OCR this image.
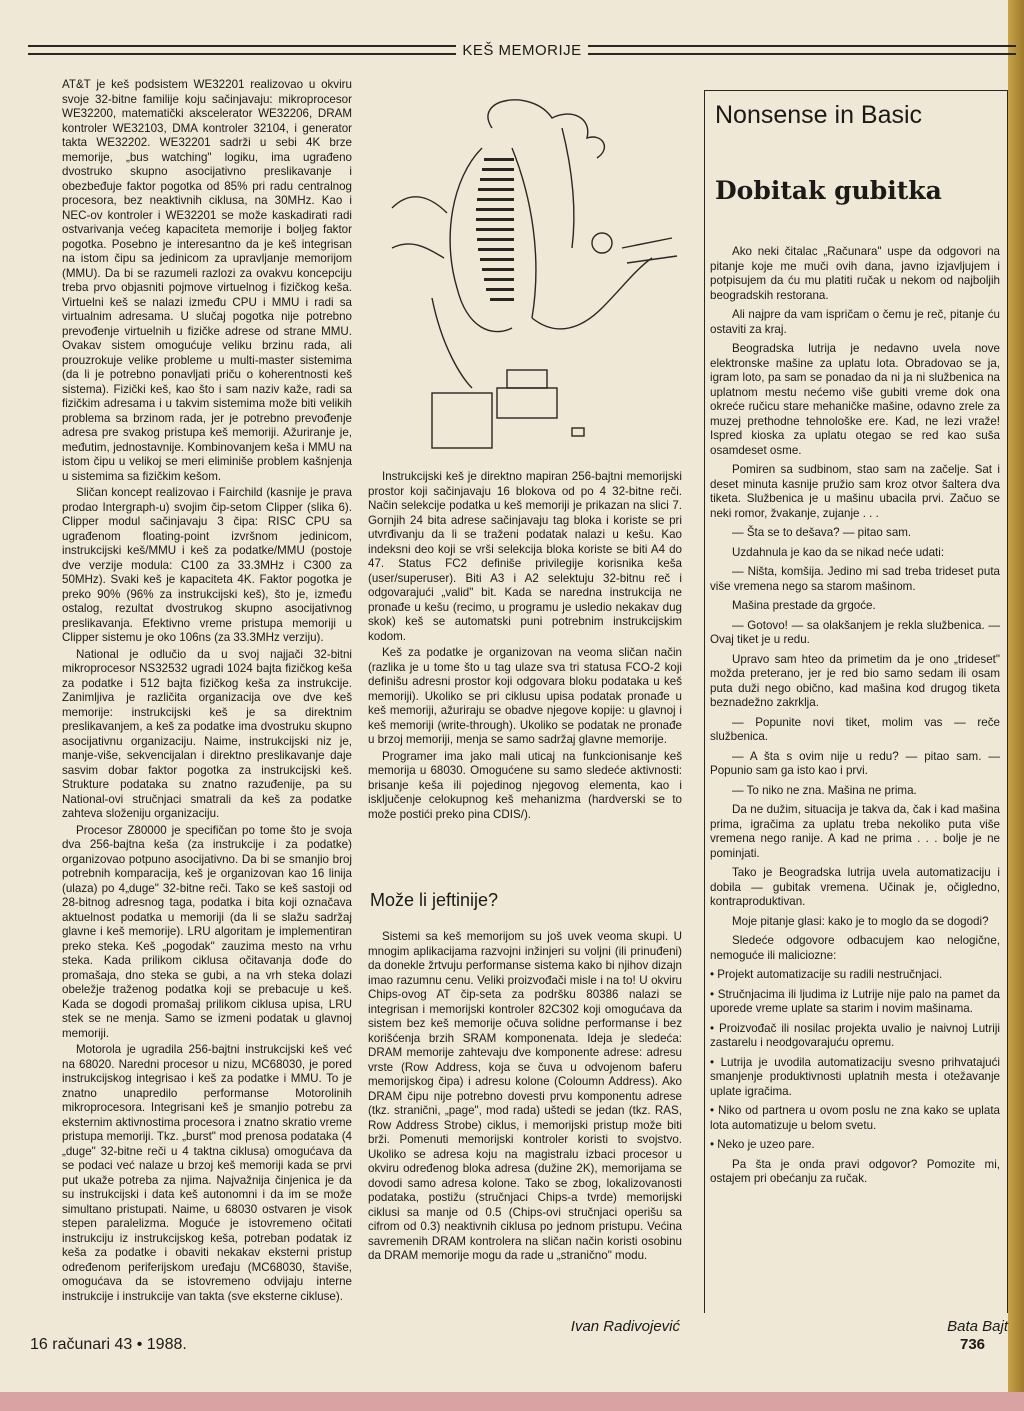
KEŠ MEMORIJE

AT&T je keš podsistem WE32201 realizovao u okviru svoje 32-bitne familije koju sačinjavaju: mikroprocesor WE32200, matematički akscelerator WE32206, DRAM kontroler WE32103, DMA kontroler 32104, i generator takta WE32202. WE32201 sadrži u sebi 4K brze memorije, „bus watching" logiku, ima ugrađeno dvostruko skupno asocijativno preslikavanje i obezbeđuje faktor pogotka od 85% pri radu centralnog procesora, bez neaktivnih ciklusa, na 30MHz. Kao i NEC-ov kontroler i WE32201 se može kaskadirati radi ostvarivanja većeg kapaciteta memorije i boljeg faktor pogotka. Posebno je interesantno da je keš integrisan na istom čipu sa jedinicom za upravljanje memorijom (MMU). Da bi se razumeli razlozi za ovakvu koncepciju treba prvo objasniti pojmove virtuelnog i fizičkog keša. Virtuelni keš se nalazi između CPU i MMU i radi sa virtualnim adresama. U slučaj pogotka nije potrebno prevođenje virtuelnih u fizičke adrese od strane MMU. Ovakav sistem omogućuje veliku brzinu rada, ali prouzrokuje velike probleme u multi-master sistemima (da li je potrebno ponavljati priču o koherentnosti keš sistema). Fizički keš, kao što i sam naziv kaže, radi sa fizičkim adresama i u takvim sistemima može biti velikih problema sa brzinom rada, jer je potrebno prevođenje adresa pre svakog pristupa keš memoriji. Ažuriranje je, međutim, jednostavnije. Kombinovanjem keša i MMU na istom čipu u velikoj se meri eliminiše problem kašnjenja u sistemima sa fizičkim kešom.

Sličan koncept realizovao i Fairchild (kasnije je prava prodao Intergraph-u) svojim čip-setom Clipper (slika 6). Clipper modul sačinjavaju 3 čipa: RISC CPU sa ugrađenom floating-point izvršnom jedinicom, instrukcijski keš/MMU i keš za podatke/MMU (postoje dve verzije modula: C100 za 33.3MHz i C300 za 50MHz). Svaki keš je kapaciteta 4K. Faktor pogotka je preko 90% (96% za instrukcijski keš), što je, između ostalog, rezultat dvostrukog skupno asocijativnog preslikavanja. Efektivno vreme pristupa memoriji u Clipper sistemu je oko 106ns (za 33.3MHz verziju).

National je odlučio da u svoj najjači 32-bitni mikroprocesor NS32532 ugradi 1024 bajta fizičkog keša za podatke i 512 bajta fizičkog keša za instrukcije. Zanimljiva je različita organizacija ove dve keš memorije: instrukcijski keš je sa direktnim preslikavanjem, a keš za podatke ima dvostruku skupno asocijativnu organizaciju. Naime, instrukcijski niz je, manje-više, sekvencijalan i direktno preslikavanje daje sasvim dobar faktor pogotka za instrukcijski keš. Strukture podataka su znatno razuđenije, pa su National-ovi stručnjaci smatrali da keš za podatke zahteva složeniju organizaciju.

Procesor Z80000 je specifičan po tome što je svoja dva 256-bajtna keša (za instrukcije i za podatke) organizovao potpuno asocijativno. Da bi se smanjio broj potrebnih komparacija, keš je organizovan kao 16 linija (ulaza) po 4„duge" 32-bitne reči. Tako se keš sastoji od 28-bitnog adresnog taga, podatka i bita koji označava aktuelnost podatka u memoriji (da li se slažu sadržaj glavne i keš memorije). LRU algoritam je implementiran preko steka. Keš „pogodak" zauzima mesto na vrhu steka. Kada prilikom ciklusa očitavanja dođe do promašaja, dno steka se gubi, a na vrh steka dolazi obeležje traženog podatka koji se prebacuje u keš. Kada se dogodi promašaj prilikom ciklusa upisa, LRU stek se ne menja. Samo se izmeni podatak u glavnoj memoriji.

Motorola je ugradila 256-bajtni instrukcijski keš već na 68020. Naredni procesor u nizu, MC68030, je pored instrukcijskog integrisao i keš za podatke i MMU. To je znatno unapredilo performanse Motorolinih mikroprocesora. Integrisani keš je smanjio potrebu za eksternim aktivnostima procesora i znatno skratio vreme pristupa memoriji. Tkz. „burst" mod prenosa podataka (4 „duge" 32-bitne reči u 4 taktna ciklusa) omogućava da se podaci već nalaze u brzoj keš memoriji kada se prvi put ukaže potreba za njima. Najvažnija činjenica je da su instrukcijski i data keš autonomni i da im se može simultano pristupati. Naime, u 68030 ostvaren je visok stepen paralelizma. Moguće je istovremeno očitati instrukciju iz instrukcijskog keša, potreban podatak iz keša za podatke i obaviti nekakav eksterni pristup određenom periferijskom uređaju (MC68030, štaviše, omogućava da se istovremeno odvijaju interne instrukcije i instrukcije van takta (sve eksterne cikluse).

Instrukcijski keš je direktno mapiran 256-bajtni memorijski prostor koji sačinjavaju 16 blokova od po 4 32-bitne reči. Način selekcije podatka u keš memoriji je prikazan na slici 7. Gornjih 24 bita adrese sačinjavaju tag bloka i koriste se pri utvrđivanju da li se traženi podatak nalazi u kešu. Kao indeksni deo koji se vrši selekcija bloka koriste se biti A4 do 47. Status FC2 definiše privilegije korisnika keša (user/superuser). Biti A3 i A2 selektuju 32-bitnu reč i odgovarajući „valid" bit. Kada se naredna instrukcija ne pronađe u kešu (recimo, u programu je usledio nekakav dug skok) keš se automatski puni potrebnim instrukcijskim kodom.

Keš za podatke je organizovan na veoma sličan način (razlika je u tome što u tag ulaze sva tri statusa FCO-2 koji definišu adresni prostor koji odgovara bloku podataka u keš memoriji). Ukoliko se pri ciklusu upisa podatak pronađe u keš memoriji, ažuriraju se obadve njegove kopije: u glavnoj i keš memoriji (write-through). Ukoliko se podatak ne pronađe u brzoj memoriji, menja se samo sadržaj glavne memorije.

Programer ima jako mali uticaj na funkcionisanje keš memorija u 68030. Omogućene su samo sledeće aktivnosti: brisanje keša ili pojedinog njegovog elementa, kao i isključenje celokupnog keš mehanizma (hardverski se to može postići preko pina CDIS/).

Može li jeftinije?

Sistemi sa keš memorijom su još uvek veoma skupi. U mnogim aplikacijama razvojni inžinjeri su voljni (ili prinuđeni) da donekle žrtvuju performanse sistema kako bi njihov dizajn imao razumnu cenu. Veliki proizvođači misle i na to! U okviru Chips-ovog AT čip-seta za podršku 80386 nalazi se integrisan i memorijski kontroler 82C302 koji omogućava da sistem bez keš memorije očuva solidne performanse i bez korišćenja brzih SRAM komponenata. Ideja je sledeća: DRAM memorije zahtevaju dve komponente adrese: adresu vrste (Row Address, koja se čuva u odvojenom baferu memorijskog čipa) i adresu kolone (Coloumn Address). Ako DRAM čipu nije potrebno dovesti prvu komponentu adrese (tkz. stranični, „page", mod rada) uštedi se jedan (tkz. RAS, Row Address Strobe) ciklus, i memorijski pristup može biti brži. Pomenuti memorijski kontroler koristi to svojstvo. Ukoliko se adresa koju na magistralu izbaci procesor u okviru određenog bloka adresa (dužine 2K), memorijama se dovodi samo adresa kolone. Tako se zbog, lokalizovanosti podataka, postižu (stručnjaci Chips-a tvrde) memorijski ciklusi sa manje od 0.5 (Chips-ovi stručnjaci operišu sa cifrom od 0.3) neaktivnih ciklusa po jednom pristupu. Većina savremenih DRAM kontrolera na sličan način koristi osobinu da DRAM memorije mogu da rade u „stranično" modu.

Ivan Radivojević
Nonsense in Basic
Dobitak gubitka

Ako neki čitalac „Računara" uspe da odgovori na pitanje koje me muči ovih dana, javno izjavljujem i potpisujem da ću mu platiti ručak u nekom od najboljih beogradskih restorana.

Ali najpre da vam ispričam o čemu je reč, pitanje ću ostaviti za kraj.

Beogradska lutrija je nedavno uvela nove elektronske mašine za uplatu lota. Obradovao se ja, igram loto, pa sam se ponadao da ni ja ni službenica na uplatnom mestu nećemo više gubiti vreme dok ona okreće ručicu stare mehaničke mašine, odavno zrele za muzej prethodne tehnološke ere. Kad, ne lezi vraže! Ispred kioska za uplatu otegao se red kao suša osamdeset osme.

Pomiren sa sudbinom, stao sam na začelje. Sat i deset minuta kasnije pružio sam kroz otvor šaltera dva tiketa. Službenica je u mašinu ubacila prvi. Začuo se neki romor, žvakanje, zujanje . . .

— Šta se to dešava? — pitao sam.

Uzdahnula je kao da se nikad neće udati:

— Ništa, komšija. Jedino mi sad treba trideset puta više vremena nego sa starom mašinom.

Mašina prestade da grgoće.

— Gotovo! — sa olakšanjem je rekla službenica. — Ovaj tiket je u redu.

Upravo sam hteo da primetim da je ono „trideset" možda preterano, jer je red bio samo sedam ili osam puta duži nego obično, kad mašina kod drugog tiketa beznadežno zakrklja.

— Popunite novi tiket, molim vas — reče službenica.

— A šta s ovim nije u redu? — pitao sam. — Popunio sam ga isto kao i prvi.

— To niko ne zna. Mašina ne prima.

Da ne dužim, situacija je takva da, čak i kad mašina prima, igračima za uplatu treba nekoliko puta više vremena nego ranije. A kad ne prima . . . bolje je ne pominjati.

Tako je Beogradska lutrija uvela automatizaciju i dobila — gubitak vremena. Učinak je, očigledno, kontraproduktivan.

Moje pitanje glasi: kako je to moglo da se dogodi?

Sledeće odgovore odbacujem kao nelogične, nemoguće ili maliciozne:

• Projekt automatizacije su radili nestručnjaci.

• Stručnjacima ili ljudima iz Lutrije nije palo na pamet da uporede vreme uplate sa starim i novim mašinama.

• Proizvođač ili nosilac projekta uvalio je naivnoj Lutriji zastarelu i neodgovarajuću opremu.

• Lutrija je uvodila automatizaciju svesno prihvatajući smanjenje produktivnosti uplatnih mesta i otežavanje uplate igračima.

• Niko od partnera u ovom poslu ne zna kako se uplata lota automatizuje u belom svetu.

• Neko je uzeo pare.

Pa šta je onda pravi odgovor? Pomozite mi, ostajem pri obećanju za ručak.

Bata Bajt
16 računari 43 • 1988.	736
